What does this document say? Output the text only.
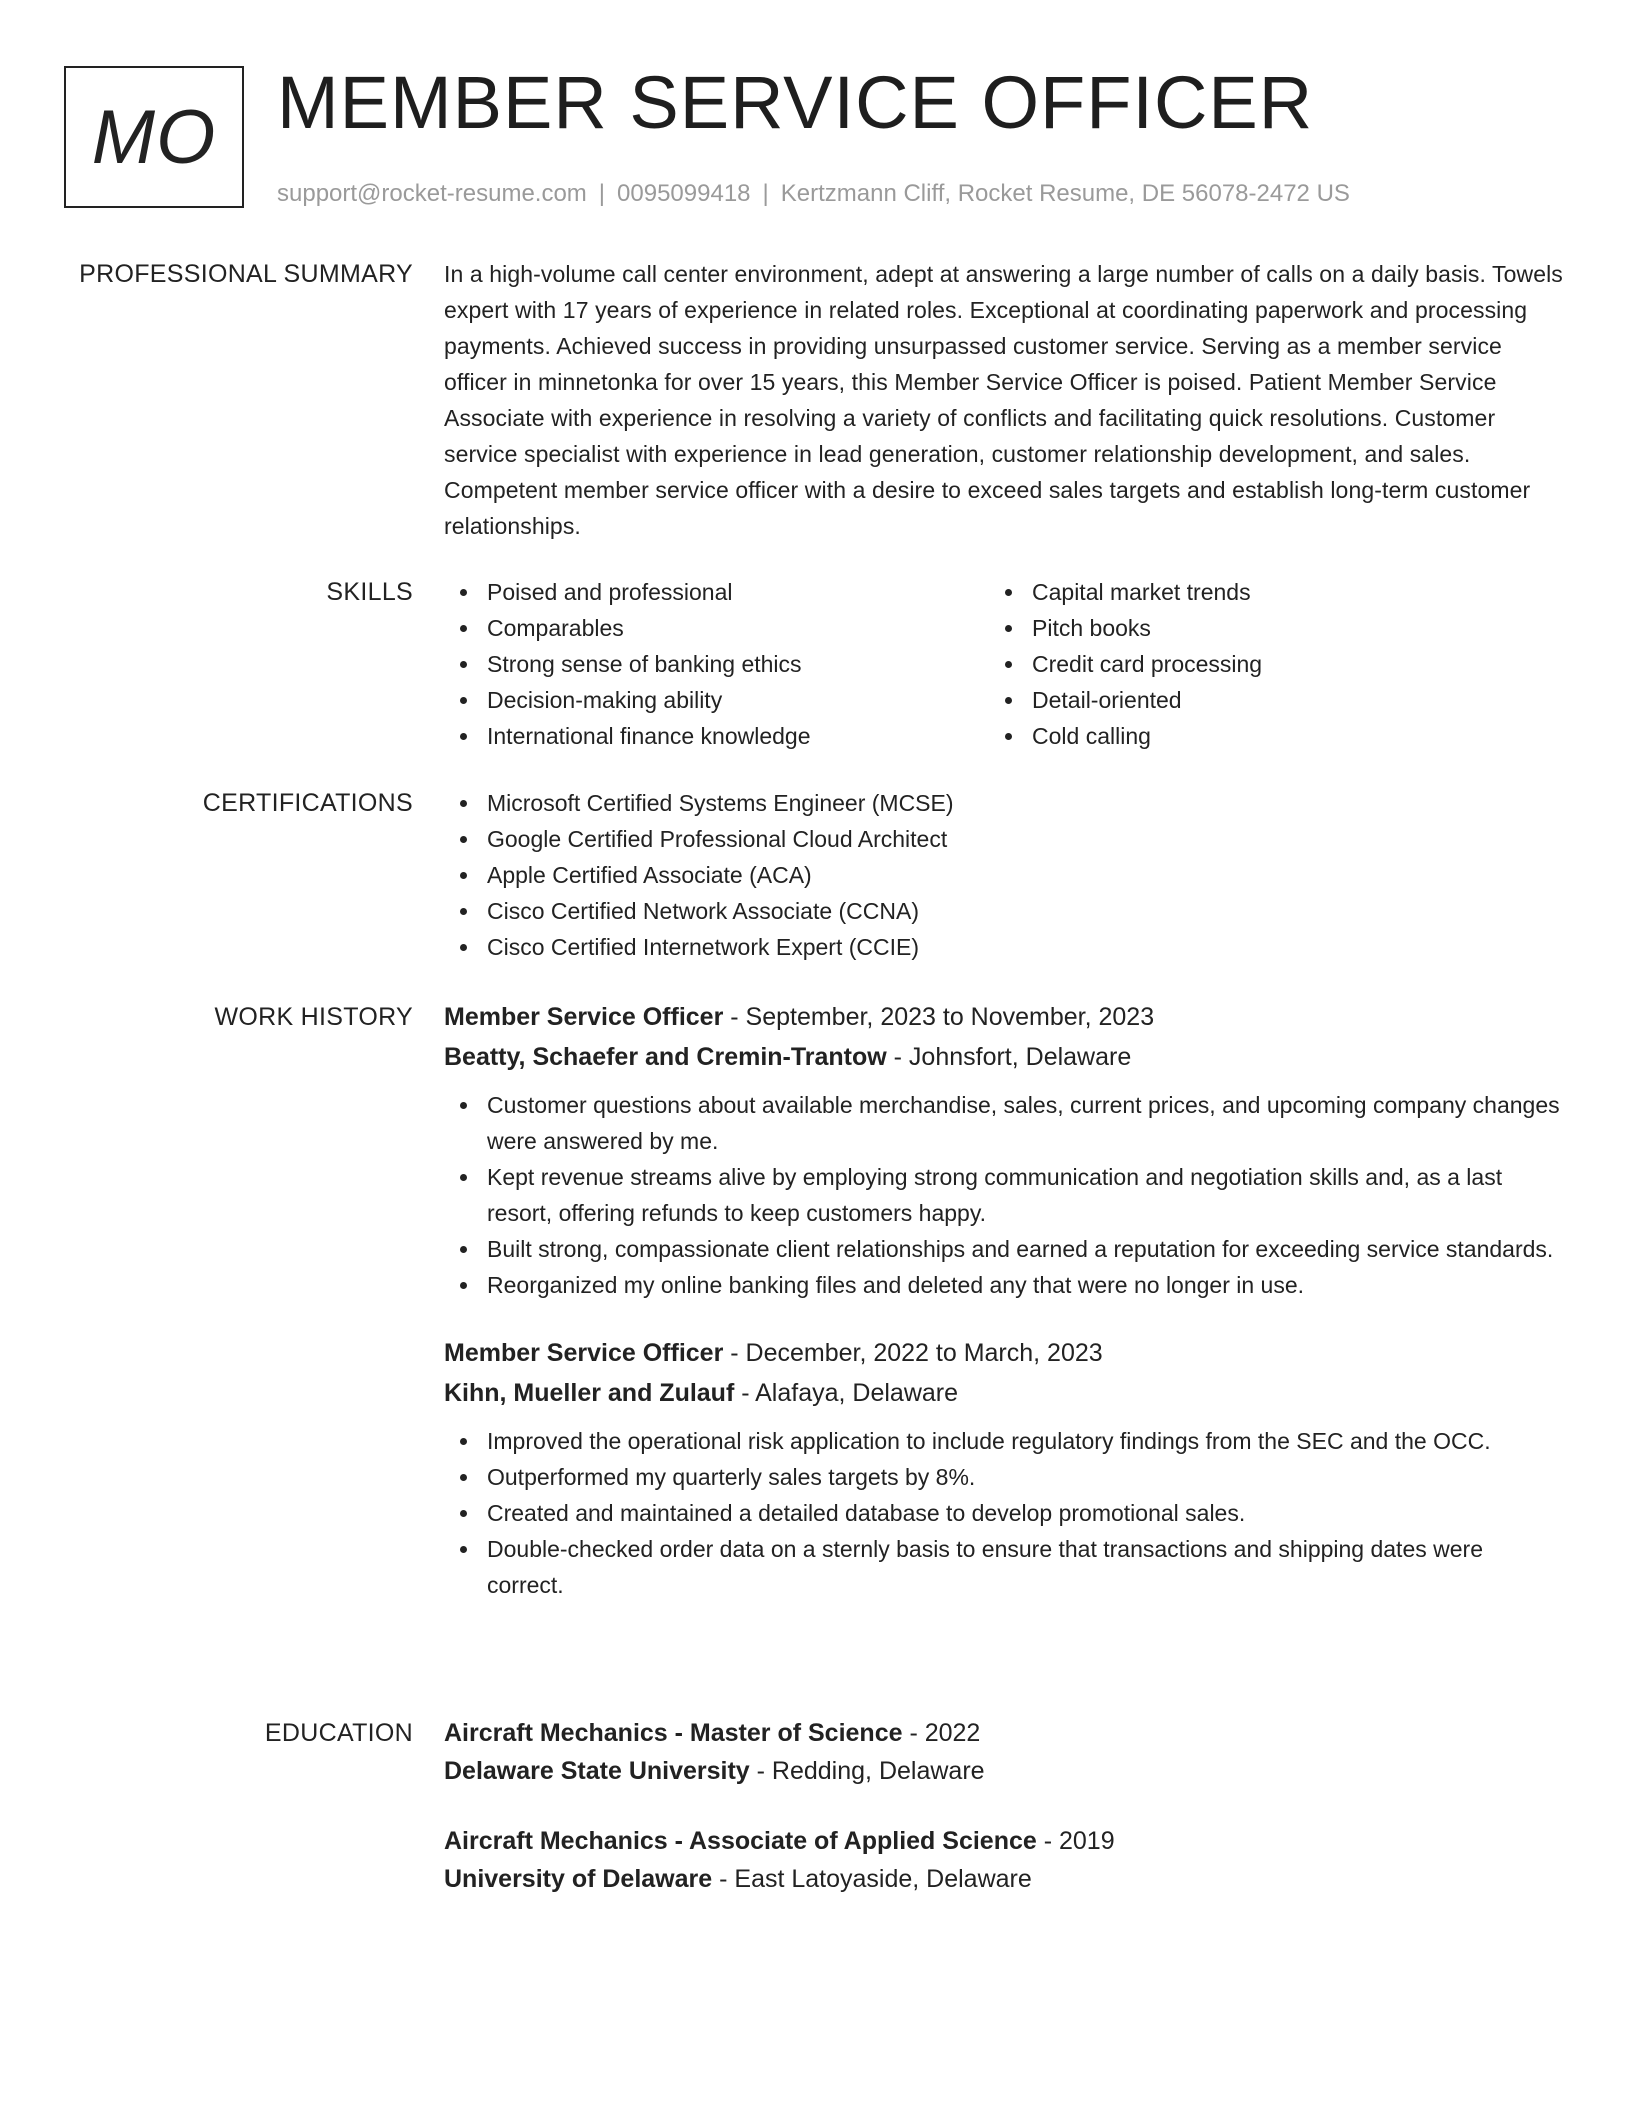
MO MEMBER SERVICE OFFICER
support@rocket-resume.com | 0095099418 | Kertzmann Cliff, Rocket Resume, DE 56078-2472 US
PROFESSIONAL SUMMARY In a high-volume call center environment, adept at answering a large number of calls on a daily basis. Towels expert with 17 years of experience in related roles. Exceptional at coordinating paperwork and processing payments. Achieved success in providing unsurpassed customer service. Serving as a member service officer in minnetonka for over 15 years, this Member Service Officer is poised. Patient Member Service Associate with experience in resolving a variety of conflicts and facilitating quick resolutions. Customer service specialist with experience in lead generation, customer relationship development, and sales. Competent member service officer with a desire to exceed sales targets and establish long-term customer relationships.
SKILLS	Poised and professional
Comparables
Strong sense of banking ethics
Decision-making ability
International finance knowledge
Capital market trends
Pitch books
Credit card processing
Detail-oriented
Cold calling
CERTIFICATIONS	Microsoft Certified Systems Engineer (MCSE)
Google Certified Professional Cloud Architect
Apple Certified Associate (ACA)
Cisco Certified Network Associate (CCNA)
Cisco Certified Internetwork Expert (CCIE)
WORK HISTORY Member Service Officer - September, 2023 to November, 2023
Beatty, Schaefer and Cremin-Trantow - Johnsfort, Delaware
Customer questions about available merchandise, sales, current prices, and upcoming company changes were answered by me.
Kept revenue streams alive by employing strong communication and negotiation skills and, as a last resort, offering refunds to keep customers happy.
Built strong, compassionate client relationships and earned a reputation for exceeding service standards.
Reorganized my online banking files and deleted any that were no longer in use.
Member Service Officer - December, 2022 to March, 2023
Kihn, Mueller and Zulauf - Alafaya, Delaware
Improved the operational risk application to include regulatory findings from the SEC and the OCC.
Outperformed my quarterly sales targets by 8%.
Created and maintained a detailed database to develop promotional sales.
Double-checked order data on a sternly basis to ensure that transactions and shipping dates were correct.
EDUCATION Aircraft Mechanics - Master of Science - 2022
Delaware State University - Redding, Delaware
Aircraft Mechanics - Associate of Applied Science - 2019
University of Delaware - East Latoyaside, Delaware
